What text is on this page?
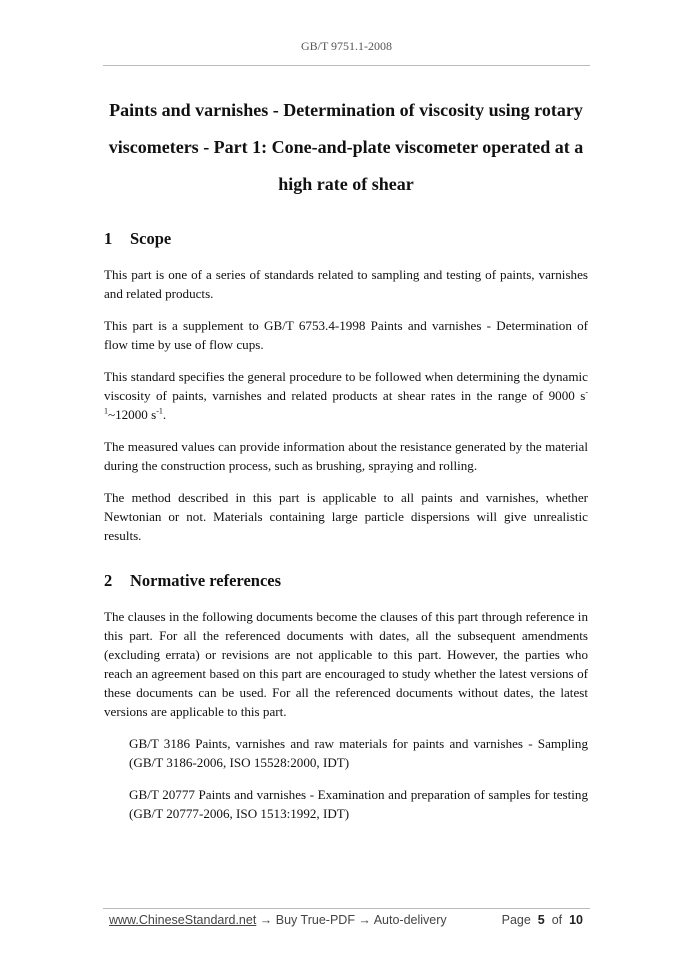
GB/T 9751.1-2008
Paints and varnishes - Determination of viscosity using rotary viscometers - Part 1: Cone-and-plate viscometer operated at a high rate of shear
1 Scope

This part is one of a series of standards related to sampling and testing of paints, varnishes and related products.

This part is a supplement to GB/T 6753.4-1998 Paints and varnishes - Determination of flow time by use of flow cups.

This standard specifies the general procedure to be followed when determining the dynamic viscosity of paints, varnishes and related products at shear rates in the range of 9000 $s^{-1}\sim 12000$ $s^{-1}$.

The measured values can provide information about the resistance generated by the material during the construction process, such as brushing, spraying and rolling.

The method described in this part is applicable to all paints and varnishes, whether Newtonian or not. Materials containing large particle dispersions will give unrealistic results.

2 Normative references

The clauses in the following documents become the clauses of this part through reference in this part. For all the referenced documents with dates, all the subsequent amendments (excluding errata) or revisions are not applicable to this part. However, the parties who reach an agreement based on this part are encouraged to study whether the latest versions of these documents can be used. For all the referenced documents without dates, the latest versions are applicable to this part.

GB/T 3186 Paints, varnishes and raw materials for paints and varnishes - Sampling (GB/T 3186-2006, ISO 15528:2000, IDT)

GB/T 20777 Paints and varnishes - Examination and preparation of samples for testing (GB/T 20777-2006, ISO 1513:1992, IDT)

www.ChineseStandard.net → Buy True-PDF → Auto-delivery	Page 5 of 10
